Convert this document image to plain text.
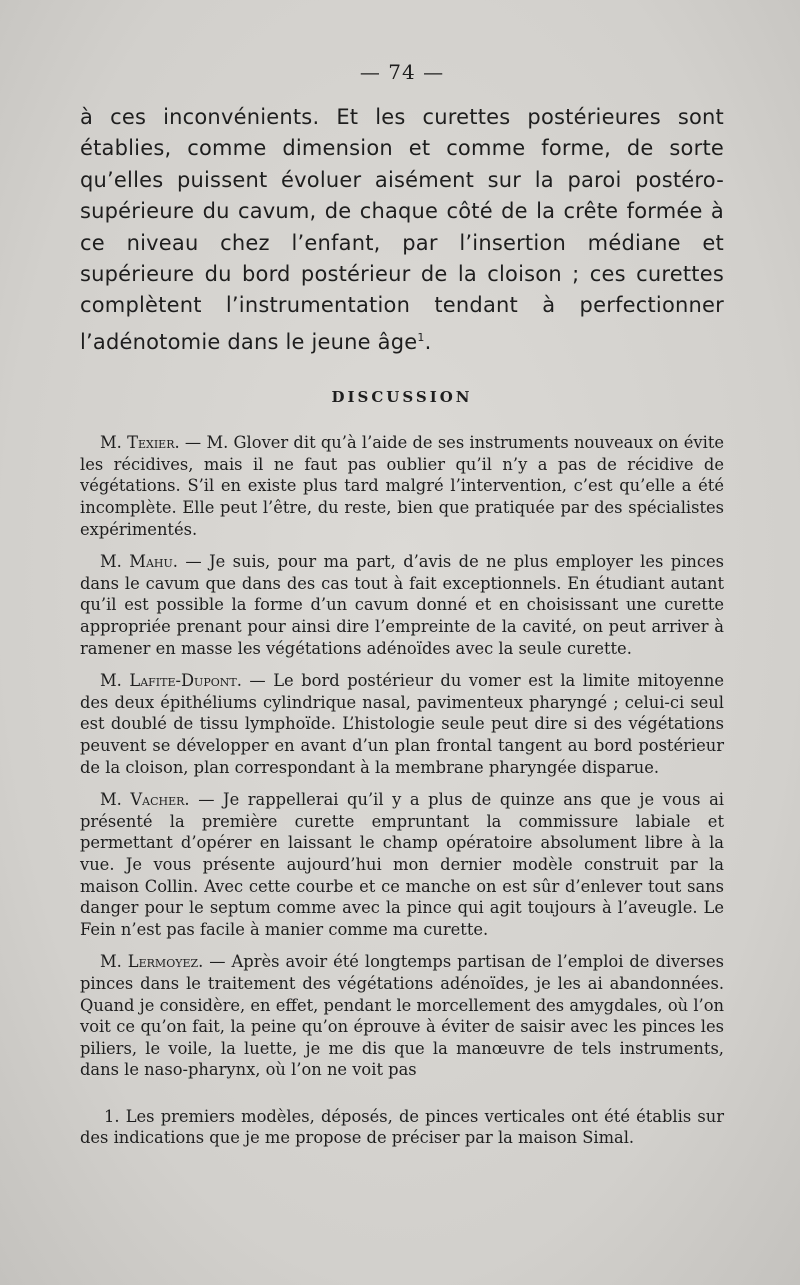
— 74 —

à ces inconvénients. Et les curettes postérieures sont établies, comme dimension et comme forme, de sorte qu’elles puissent évoluer aisément sur la paroi postéro-supérieure du cavum, de chaque côté de la crête formée à ce niveau chez l’enfant, par l’insertion médiane et supérieure du bord postérieur de la cloison ; ces curettes complètent l’instrumentation tendant à perfectionner l’adénotomie dans le jeune âge$^1$.

DISCUSSION

M. Texier. — M. Glover dit qu’à l’aide de ses instruments nouveaux on évite les récidives, mais il ne faut pas oublier qu’il n’y a pas de récidive de végétations. S’il en existe plus tard malgré l’intervention, c’est qu’elle a été incomplète. Elle peut l’être, du reste, bien que pratiquée par des spécialistes expérimentés.

M. Mahu. — Je suis, pour ma part, d’avis de ne plus employer les pinces dans le cavum que dans des cas tout à fait exceptionnels. En étudiant autant qu’il est possible la forme d’un cavum donné et en choisissant une curette appropriée prenant pour ainsi dire l’empreinte de la cavité, on peut arriver à ramener en masse les végétations adénoïdes avec la seule curette.

M. Lafite-Dupont. — Le bord postérieur du vomer est la limite mitoyenne des deux épithéliums cylindrique nasal, pavimenteux pharyngé ; celui-ci seul est doublé de tissu lymphoïde. L’histologie seule peut dire si des végétations peuvent se développer en avant d’un plan frontal tangent au bord postérieur de la cloison, plan correspondant à la membrane pharyngée disparue.

M. Vacher. — Je rappellerai qu’il y a plus de quinze ans que je vous ai présenté la première curette empruntant la commissure labiale et permettant d’opérer en laissant le champ opératoire absolument libre à la vue. Je vous présente aujourd’hui mon dernier modèle construit par la maison Collin. Avec cette courbe et ce manche on est sûr d’enlever tout sans danger pour le septum comme avec la pince qui agit toujours à l’aveugle. Le Fein n’est pas facile à manier comme ma curette.

M. Lermoyez. — Après avoir été longtemps partisan de l’emploi de diverses pinces dans le traitement des végétations adénoïdes, je les ai abandonnées. Quand je considère, en effet, pendant le morcellement des amygdales, où l’on voit ce qu’on fait, la peine qu’on éprouve à éviter de saisir avec les pinces les piliers, le voile, la luette, je me dis que la manœuvre de tels instruments, dans le naso-pharynx, où l’on ne voit pas

1. Les premiers modèles, déposés, de pinces verticales ont été établis sur des indications que je me propose de préciser par la maison Simal.
